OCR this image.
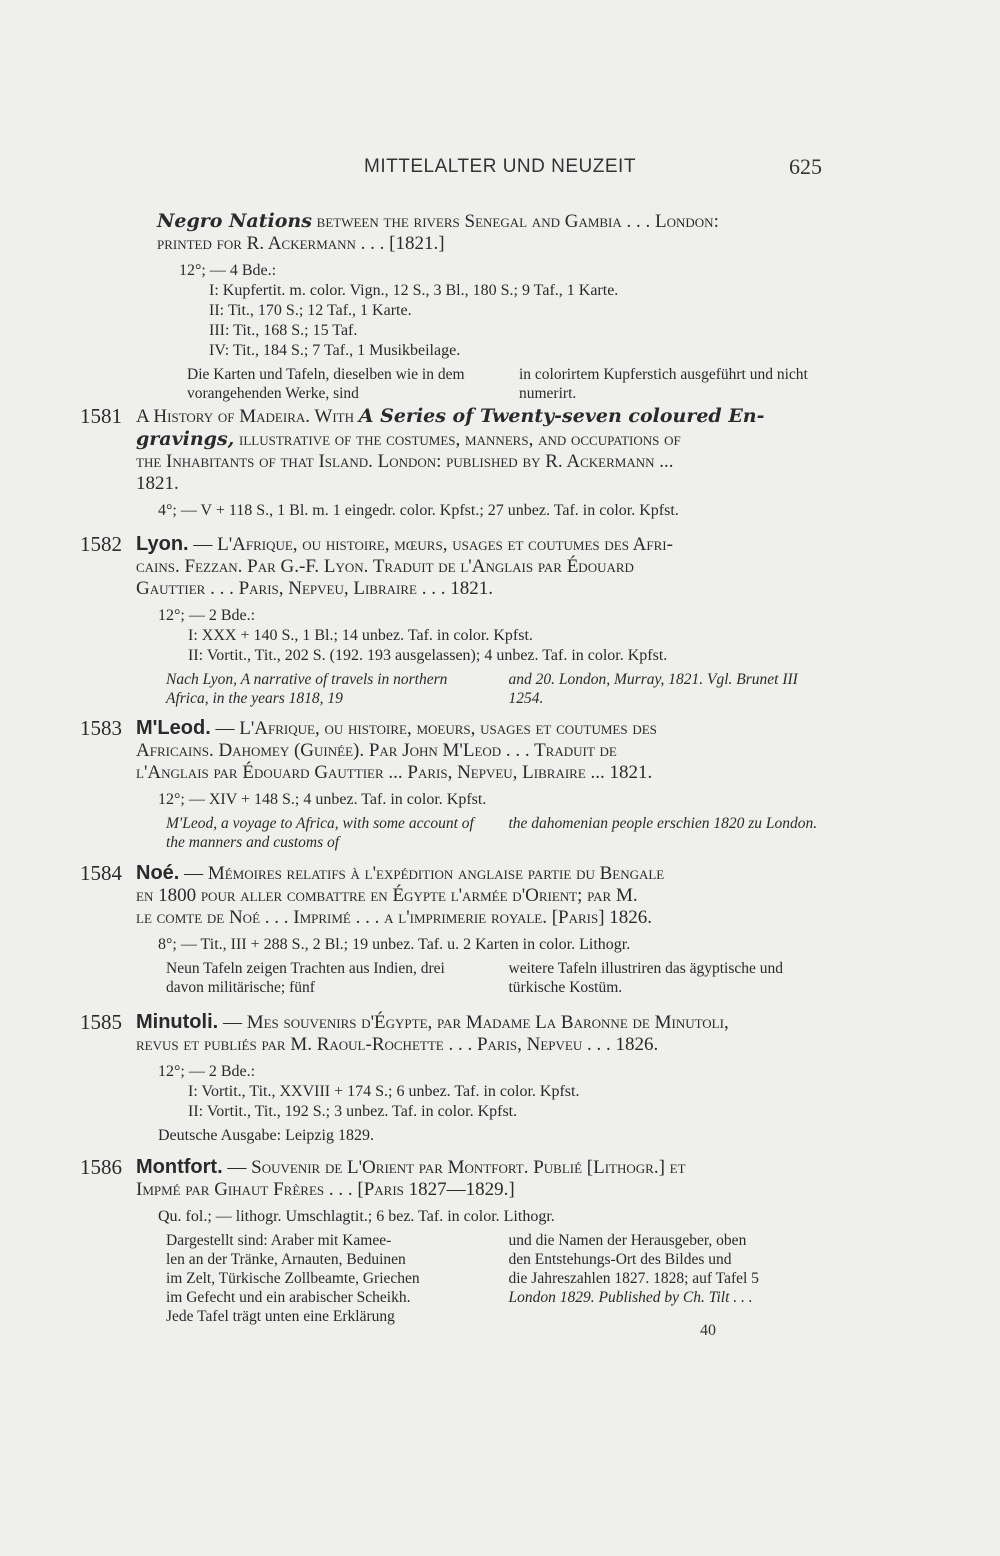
MITTELALTER UND NEUZEIT	625

Negro Nations between the rivers Senegal and Gambia . . . London:

printed for R. Ackermann . . . [1821.]

12°; — 4 Bde.:
I: Kupfertit. m. color. Vign., 12 S., 3 Bl., 180 S.; 9 Taf., 1 Karte.
II: Tit., 170 S.; 12 Taf., 1 Karte.
III: Tit., 168 S.; 15 Taf.
IV: Tit., 184 S.; 7 Taf., 1 Musikbeilage.
Die Karten und Tafeln, dieselben wie in dem vorangehenden Werke, sind
in colorirtem Kupferstich ausgeführt und nicht numerirt.
1581 A History of Madeira. With A Series of Twenty-seven coloured En-

gravings, illustrative of the costumes, manners, and occupations of

the Inhabitants of that Island. London: published by R. Ackermann ...

1821.

4°; — V + 118 S., 1 Bl. m. 1 eingedr. color. Kpfst.; 27 unbez. Taf. in color. Kpfst.
1582 Lyon. — L'Afrique, ou histoire, mœurs, usages et coutumes des Afri-

cains. Fezzan. Par G.-F. Lyon. Traduit de l'Anglais par Édouard

Gauttier . . . Paris, Nepveu, Libraire . . . 1821.

12°; — 2 Bde.:
I: XXX + 140 S., 1 Bl.; 14 unbez. Taf. in color. Kpfst.
II: Vortit., Tit., 202 S. (192. 193 ausgelassen); 4 unbez. Taf. in color. Kpfst.
Nach Lyon, A narrative of travels in northern Africa, in the years 1818, 19
and 20. London, Murray, 1821. Vgl. Brunet III 1254.
1583 M'Leod. — L'Afrique, ou histoire, moeurs, usages et coutumes des

Africains. Dahomey (Guinée). Par John M'Leod . . . Traduit de

l'Anglais par Édouard Gauttier ... Paris, Nepveu, Libraire ... 1821.

12°; — XIV + 148 S.; 4 unbez. Taf. in color. Kpfst.
M'Leod, a voyage to Africa, with some account of the manners and customs of
the dahomenian people erschien 1820 zu London.
1584 Noé. — Mémoires relatifs à l'expédition anglaise partie du Bengale

en 1800 pour aller combattre en Égypte l'armée d'Orient; par M.

le comte de Noé . . . Imprimé . . . a l'imprimerie royale. [Paris] 1826.

8°; — Tit., III + 288 S., 2 Bl.; 19 unbez. Taf. u. 2 Karten in color. Lithogr.
Neun Tafeln zeigen Trachten aus Indien, drei davon militärische; fünf
weitere Tafeln illustriren das ägyptische und türkische Kostüm.
1585 Minutoli. — Mes souvenirs d'Égypte, par Madame La Baronne de Minutoli,

revus et publiés par M. Raoul-Rochette . . . Paris, Nepveu . . . 1826.

12°; — 2 Bde.:
I: Vortit., Tit., XXVIII + 174 S.; 6 unbez. Taf. in color. Kpfst.
II: Vortit., Tit., 192 S.; 3 unbez. Taf. in color. Kpfst.
Deutsche Ausgabe: Leipzig 1829.
1586 Montfort. — Souvenir de L'Orient par Montfort. Publié [Lithogr.] et

Impmé par Gihaut Frères . . . [Paris 1827—1829.]

Qu. fol.; — lithogr. Umschlagtit.; 6 bez. Taf. in color. Lithogr.
Dargestellt sind: Araber mit Kamee-
len an der Tränke, Arnauten, Beduinen
im Zelt, Türkische Zollbeamte, Griechen
im Gefecht und ein arabischer Scheikh.
Jede Tafel trägt unten eine Erklärung
und die Namen der Herausgeber, oben
den Entstehungs-Ort des Bildes und
die Jahreszahlen 1827. 1828; auf Tafel 5
London 1829. Published by Ch. Tilt . . .
40
